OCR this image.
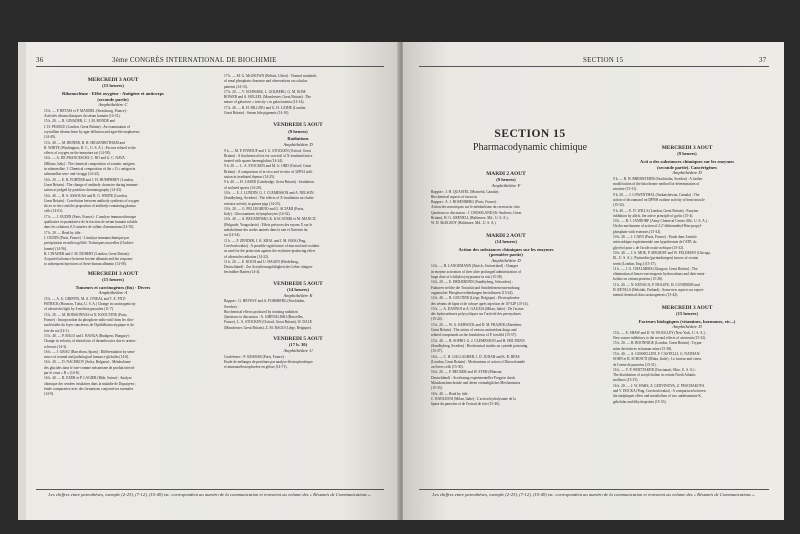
36	3ème CONGRÈS INTERNATIONAL DE BIOCHIMIE
MERCREDI 3 AOUT
(15 heures)
Ribonucléase · Effet oxygène · Antigène et anticorps
(seconde partie)
Amphithéâtre C
15 h. — P. BETAIS et P. MANDEL (Strasbourg, France) :
Activités ribonucléasiques du sérum humain (14-31).
15 h. 20. — R. GINADER, C. J. M. BONDE and
J. H. PEARCE (London, Great Britain) : An examination of
crystalline ribonuclease by agar-diffusion and agar-electrophoresis
(14-49).
15 h. 40. — M. BEINER, B. H. HIGGINBOTHAM and
R. WHITE (Washington, D. C., U. S. A.) : Factors related to the
effects of oxygen on the immature rat (14-58).
16 h. — A. DE FRANCESCHI, C. BO and G. C. NAVA
(Milano, Italy) : The chemical composition of somatic antigens
in salmonellae. I. Chemical composition of the « O » antigen in
salmonellae sero- and vivaggi (14-43).
16 h. 20. — E. R. FORTIER and J. H. HUMPHREY (London,
Great Britain) : The change of antibody character during immuni-
sation as judged by partition chromatography (14-43).
16 h. 40. — R. S. ASSOUAS and R. G. WHITE (London,
Great Britain) : Correlation between antibody synthesis of oxygen
slices in vitro and the proportion of antibody-containing plasma
cells (14-61).
17 h. — J. OUDIN (Paris, France) : L'analyse immunochimique
qualitative et quantitative de la fraction de sérum humain soluble
dans les solutions 0,5 saturées de sulfate d'ammonium (14-55).
17 h. 20. — Read by title :
J. OUDIN (Paris, France) : L'analyse immunochimique par
précipitation en milieu gélifié. Techniques nouvelles (Ouchter-
lonnie) (14-56).
B. CINADER and J. M. DUBERT (London, Great Britain) :
Acquired tolerance between bovine albumin and the response
to subsequent injections of these human albumin (14-58).
MERCREDI 3 AOUT
(15 heures)
Tumeurs et carcinogènes (fin) · Divers
Amphithéâtre A
15 h. — A. G. GRIFFIN, M. A. O'NEAL and T. E. FITZ-
PATRICK (Houston, Tulsa, U. S. A.) Change in carcinogenicity
of ultraviolet light by 4-methoxypsoralen (11-7).
15 h. 20. — M. BOISSONNAS et N. KOOCVINE (Paris,
France) : Incorporation du phosphore radio-actif dans les ribo-
nucléotides du foyer cancéreux de l'épithélioma atypique et du
foie du rat (14-1).
15 h. 40. — P. BALO and I. BANGA (Budapest, Hungary) :
Change in velocity of elastolysis of thrombocytes due to arterio-
sclerosis (14-3).
16 h. — J. GRAU (Barcelona, Spain) : Différentiation by semi-
micro of normal and pathological human ε-globulin (14-6).
16 h. 20. — D. NACHKOV (Sofia, Bulgaria) : Métabolisme
des glucides dans le foie-comme mécanisme de produit infecté
par le virus « B » (14-8).
16 h. 40. — R. EXER et P. LAGIER (Bâle, Suisse) : Analyse
chimique des cendres tissulaires dans la maladie de Duputyren ;
étude comparative avec des formations conjonctives normales
(14-9).
17 h. — M. G. McGEOWN (Belfast, Ulster) : Normal standards
of renal phosphate clearance and observations on calculus
patients (14-13).
17 h. 20. — V. SCHWARZ, L. GOLBERG, G. M. KOM-
ROWER and A. HOLZEL (Manchester, Great Britain) : The
nature of galactose « toxicity » in galactosemia (14-14).
17 h. 40. — R. H. BILLING and G. H. LATHE (London,
Great Britain) : Serum bile pigments (14-10).
VENDREDI 5 AOUT
(9 heures)
Radiations
Amphithéâtre D
9 h. — M. P. ENNOUF and I. G. STOCKEN (Oxford, Great
Britain) : A biochemical test for survival of X-irradiated mice
treated with sparse haemoglobin (14-24).
9 h. 20. — L. A. STOCKEN and M. G. ORD (Oxford, Great
Britain) : A comparison of in vivo and in vitro of 32PO4 utili-
sation in irradiated thymus (14-25).
9 h. 40. — H. LASER (Cambridge, Great Britain) : Irradiation
of isolated spores (14-20).
10 h. — E. J. LUNDIN, G. J. CLEMESSON and A. NELSON
(Sandbyberg, Sweden) : The effects of X-irradiation on cholin-
esterase activity in guinea pigs (14-23).
10 h. 20. — G. PELLEGRINO and G. ALTAMI (Pavia,
Italy) : Glucosamines in lymphocytes (14-32).
10 h. 40. — A. BEZADINSKI, K. KACANSKI et M. MANCIC
(Belgrade, Yougoslavie) : Effets précoces des rayons X sur le
métabolisme des acides aminés dans la rate et l'intestin du
rat (14-34).
11 h. — F. ZENDER, J. K. KRAL and I. M. HAIS (Prag,
Czechoslovakia) : A possible significance of mucosal anti-oxidant
as used for the protection against the erythrine-producing effect
of ultraviolet radiation (14-22).
11 h. 20. — E. KOCH and U. HAGEN (Heidelberg,
Deutschland) : Zur Acetylierungsfähigkeit des Leber röntgen-
bestrahlter Ratten (14-4).
VENDREDI 5 AOUT
(14 heures)
Amphithéâtre K
Rapport : G. HEVESY and A. FORSBERG (Stockholm,
Sweden) :
Biochemical effects produced by ionizing radiation
Questions to discussion : A. GHENALISKI (Bruxelles,
France), L. A. STOCKEN (Oxford, Great Britain), W. DALE
(Manchester, Great Britain), Z. M. BAGO (Liège, Belgique).
VENDREDI 5 AOUT
(17 h. 30)
Amphithéâtre U
Conférence : P. GRABAR (Paris, France) :
Étude de mélanges de protéines par analyse électrophorétique
et immunoélectrophorèse en gélose (14-71).
Les chiffres entre parenthèses, exemple (2-23), (7-12), (15-40) etc. correspondent au numéro de la communication et renvoient au volume des « Résumés de Communications ».
SECTION 15	37
SECTION 15
Pharmacodynamic chimique
MARDI 2 AOUT
(9 heures)
Amphithéâtre F
Rapport : J. H. QUASTEL (Montréal, Canada) :
Biochemical aspects of narcosis
Rapport : A. J. ROSENBERG (Paris, France) :
Action des narcotiques sur le métabolisme du cerveau in vitro
Questions to discussion : J. CROSSLAND (St-Andrews, Great
Britain), H. G. GRENELL (Baltimore, Md., U. S. A.),
W. D. McELROY (Baltimore, Md., U. S. A.).
MARDI 2 AOUT
(14 heures)
Action des substances chimiques sur les enzymes
(première partie)
Amphithéâtre D
14 h. — H. LANGEMANN (Zürich, Switzerland) : Changes
in enzyme activation of liver after prolonged administration of
large dose of ichthyloxytrypsinase in rats (15-38).
14 h. 20. — E. HEILBRONN (Sundbyberg, Schweden) :
Faktoren welche die Toxizität und Antidedrinesterasewirkung
organischer Phosphorverbindungen beeinflussen (15-24).
14 h. 40. — R. GOUTIER (Liège, Belgique) : Électrophorèse
des sérums de lapin et de cobaye après injection de 10^32P (15-14).
15 h. — A. DANNOI et A. GAUZIA (Milan, Italie) : De l'action
des hydrocarbures polycycliques sur l'activité des peroxydases
(15-24).
15 h. 20. — W. G. KERWICK and D. M. FRAZER (Aberdeen,
Great Britain) : The action of various antioxidant drugs and
related compounds on the breakdown of P. lorsfeld (15-57).
15 h. 40. — B. SOPHO, G. J. CLEMESSON and H. HOLTMAN
(Sundbyberg, Sweden) : Biochemical studies on cyanide poisoning
(15-37).
16 h. — C. H. GALLAGHER, J. D. JUDAH and K. R. REES
(London, Great Britain) : Mechanisms of action of Dinocolamide
on livers cells (15-30).
16 h. 20. — F. BECKER and W. STEH (Münster,
Deutschland) : Avoilvanng experimenteller Porgyrie durch
Mäuskonchenchroide und deren vormaligliches Mechanismus
(15-33).
16 h. 40. — Read by title :
C. RAVAZONI (Milan, Italie) : L'action hydrolysante de la
lipase du pancréas et de l'extrait de foie (15-40).
MERCREDI 3 AOUT
(9 heures)
Acti n des substances chimiques sur les enzymes
(seconde partie). Cancérigènes
Amphithéâtre D
9 h. — B. H. BREMSTEIER (Stockholm, Sweden) : A further
modification of the thiochrome method for determination of
nicotine (15-31).
9 h. 20. — J. LOWENTHAL (Saskatchewan, Canada) : The
action of dicoumarol on DPNH oxidase activity of heart muscle
(15-32).
9 h. 40. — E. D. WILLS (London, Great Britain) : Enzyme
inhibition by allyls, the active principle of garlic (15-4).
10 h. — B. J. JANDORF (Army Chemical Center, Md., U. S. A.) :
On the mechanism of action of 2,2'-dithiomethyl-Rno-propyl-
phosphate with esterases (15-32).
10 h. 20. — J. CAEN (Paris, France) : Étude dans l'anticle
uréocarbique expérimentale une hypothermie de l'ATP, du
glycérol pour « de l'acide oxalo-acétique (15-32).
10 h. 40. — J. S. MOE, P. SIEGRIST and W. FELDMAN (Chicago,
Ill., U. S. A.) : Pyrimidin (pyrimidinegen) factors of certain
seeds (London, Eng.) (15-37).
11 h. — J. G. CHALMERS (Glasgow, Great Britain) : The
elimination of benzo-carcinogenic hydrocarbons and their meta-
bolites on certain proteins (15-28).
11 h. 20. — N. KENACA, P. HOLSTE, H. LUNDBOM and
H. RETALA (Helsinki, Finland) : Some new aspects on experi-
mental chemical skin carcinogenesis (15-42).
MERCREDI 3 AOUT
(15 heures)
Facteurs biologiques (vitamines, hormones, etc...)
Amphithéâtre D
15 h. — E. SHAW and D. W. WOOLLEY (New York, U. S. A.) :
New source inhibitory to the second effects of serotonin (15-32).
15 h. 20. — B. BOONNIGE (London, Great Britain) : Trypta-
mine derivatives in human urine (15-38).
15 h. 40. — A. GOSSELLINI, F. CASTELLI, G. NATHAN-
SOHN et B. SCHIATTI (Milan, Italie) : Le facteur anti-stress
de l'urine de pancréas (15-31).
16 h. — V. P. WHITTAKER (Cincinnati, Ohio, U. S. A.) :
The distribution of acetylcholine in certain North Atlantic
molluscs (15-15).
16 h. 20. — J. W. HARS, Z. LEDVINOVA, Z. PESCHAKOVA
and V. DOCKA (Prag, Czechoslovakia) : A comparison between
the antiplaquet effect and metabolism of two antihistamine K,
gebelolas and dihydroprolan (15-33).
Les chiffres entre parenthèses, exemple (2-23), (7-12), (15-40) etc. correspondent au numéro de la communication et renvoient au volume des « Résumés de Communications ».
